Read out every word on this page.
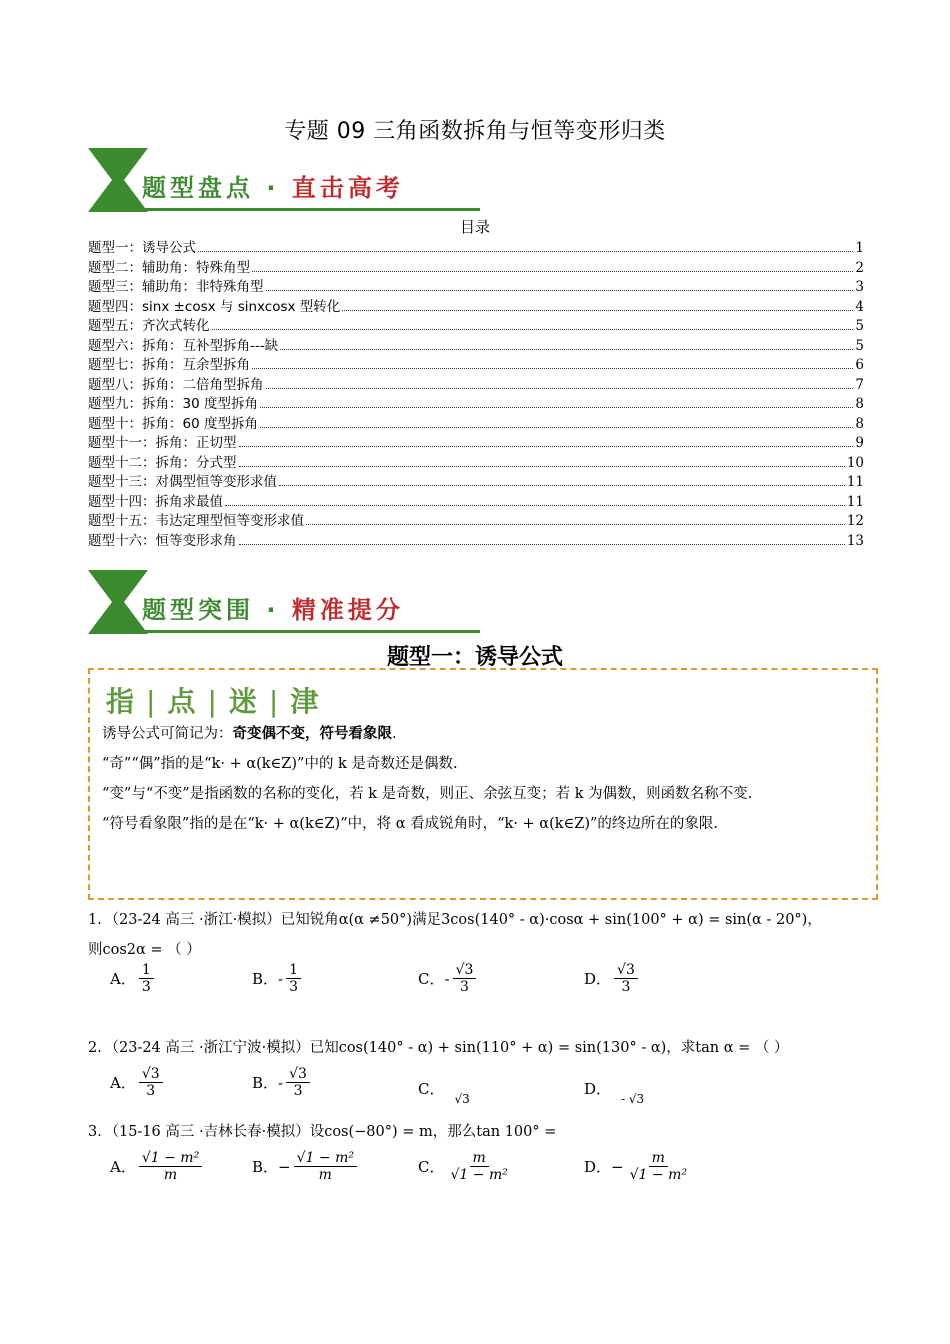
专题 09 三角函数拆角与恒等变形归类
题型盘点 · 直击高考
目录
题型一：诱导公式	1
题型二：辅助角：特殊角型	2
题型三：辅助角：非特殊角型	3
题型四：sinx ±cosx 与 sinxcosx 型转化	4
题型五：齐次式转化	5
题型六：拆角：互补型拆角---缺	5
题型七：拆角：互余型拆角	6
题型八：拆角：二倍角型拆角	7
题型九：拆角：30 度型拆角	8
题型十：拆角：60 度型拆角	8
题型十一：拆角：正切型	9
题型十二：拆角：分式型	10
题型十三：对偶型恒等变形求值	11
题型十四：拆角求最值	11
题型十五：韦达定理型恒等变形求值	12
题型十六：恒等变形求角	13
题型突围 · 精准提分
题型一：诱导公式
指 | 点 | 迷 | 津
诱导公式可简记为：奇变偶不变，符号看象限.
“奇”“偶”指的是“k· + α(k∈Z)”中的 k 是奇数还是偶数.
“变”与“不变”是指函数的名称的变化，若 k 是奇数，则正、余弦互变；若 k 为偶数，则函数名称不变.
“符号看象限”指的是在“k· + α(k∈Z)”中，将 α 看成锐角时，“k· + α(k∈Z)”的终边所在的象限.
1．（23-24 高三 ·浙江·模拟）已知锐角α(α ≠50°)满足3cos(140° - α)·cosα + sin(100° + α) = sin(α - 20°)，
则cos2α = （ ）
A． $\frac{1}{3}$	B． - $\frac{1}{3}$	C． - $\frac{√3}{3}$	D． $\frac{√3}{3}$
2．（23-24 高三 ·浙江宁波·模拟）已知cos(140° - α) + sin(110° + α) = sin(130° - α)，求tan α = （ ）
A． $\frac{√3}{3}$	B． - $\frac{√3}{3}$	C．
√3
D．
- √3
3．（15-16 高三 ·吉林长春·模拟）设cos(−80°) = m，那么tan 100° =
A． $\frac{\text{√1 − m²}}{m}$	B． − $\frac{\text{√1 − m²}}{m}$	C． $\frac{m}{\text{√1 − m²}}$	D． − $\frac{m}{\text{√1 − m²}}$
